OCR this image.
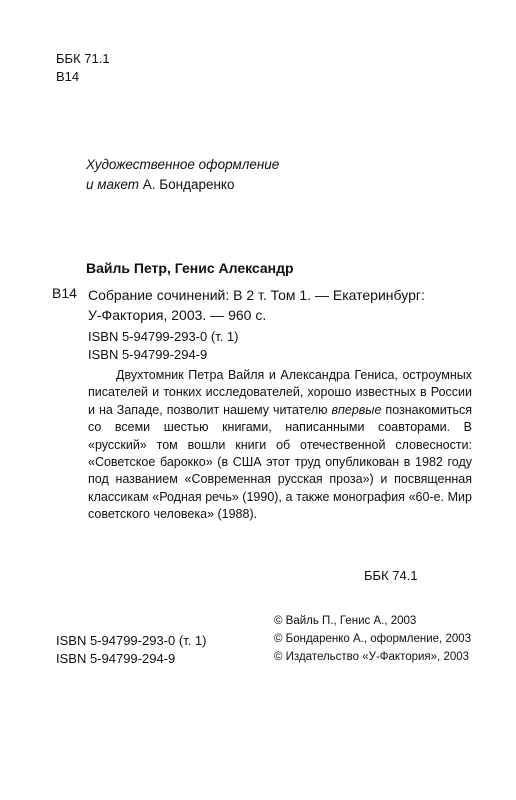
ББК 71.1
В14
Художественное оформление
и макет А. Бондаренко
Вайль Петр, Генис Александр
В14 Собрание сочинений: В 2 т. Том 1. — Екатеринбург:
У-Фактория, 2003. — 960 с.
ISBN 5-94799-293-0 (т. 1)
ISBN 5-94799-294-9

Двухтомник Петра Вайля и Александра Гениса, остроумных писателей и тонких исследователей, хорошо известных в России и на Западе, позволит нашему читателю впервые познакомиться со всеми шестью книгами, написанными соавторами. В «русский» том вошли книги об отечественной словесности: «Советское барокко» (в США этот труд опубликован в 1982 году под названием «Современная русская проза») и посвященная классикам «Родная речь» (1990), а также монография «60-е. Мир советского человека» (1988).

ББК 74.1
ISBN 5-94799-293-0 (т. 1)
ISBN 5-94799-294-9
© Вайль П., Генис А., 2003
© Бондаренко А., оформление, 2003
© Издательство «У-Фактория», 2003
